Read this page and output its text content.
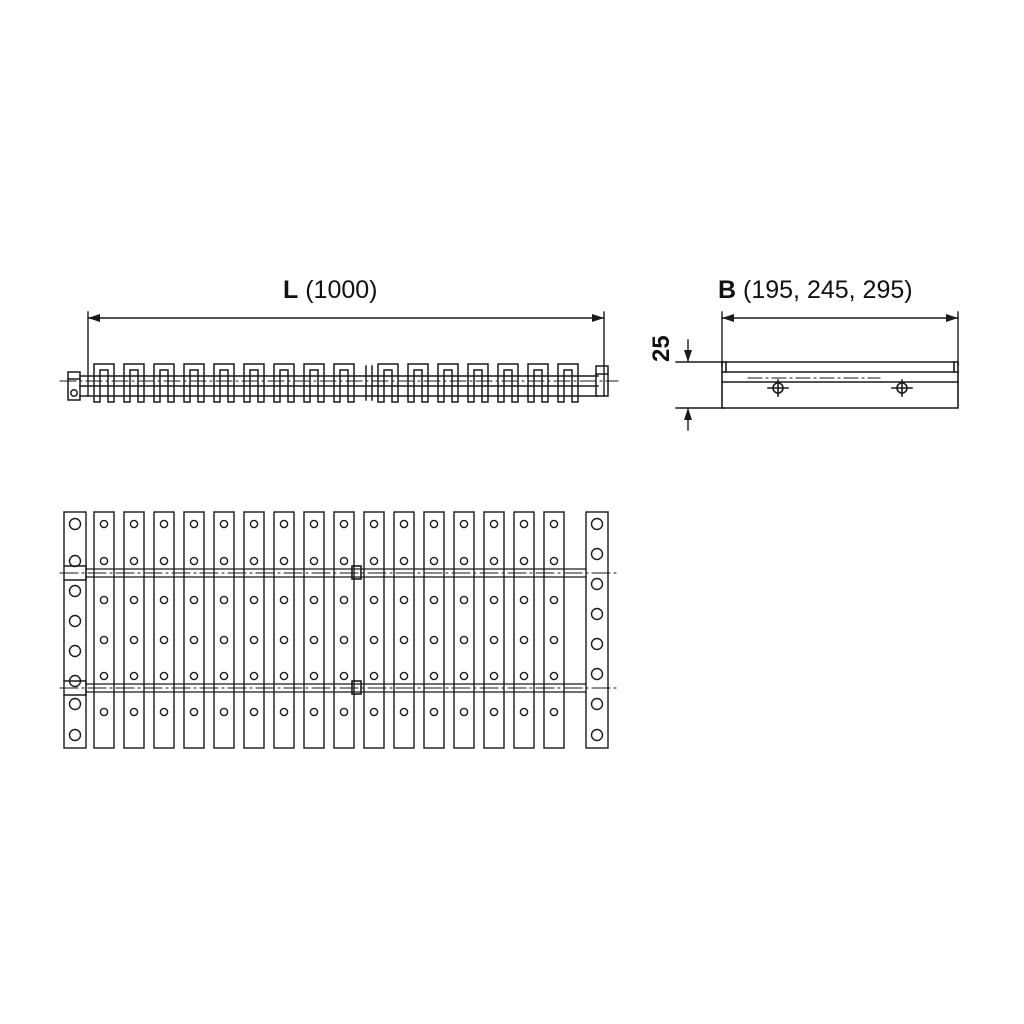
L (1000)	B (195, 245, 295)
25
